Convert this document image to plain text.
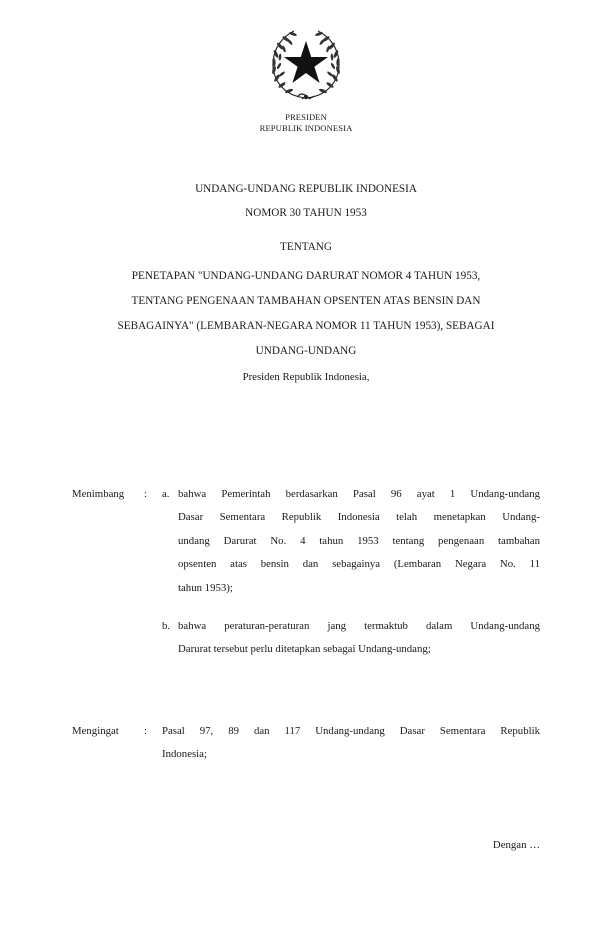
PRESIDEN
REPUBLIK INDONESIA
UNDANG-UNDANG REPUBLIK INDONESIA
NOMOR 30 TAHUN 1953
TENTANG
PENETAPAN "UNDANG-UNDANG DARURAT NOMOR 4 TAHUN 1953,
TENTANG PENGENAAN TAMBAHAN OPSENTEN ATAS BENSIN DAN
SEBAGAINYA" (LEMBARAN-NEGARA NOMOR 11 TAHUN 1953), SEBAGAI
UNDANG-UNDANG
Presiden Republik Indonesia,
Menimbang : a. bahwa Pemerintah berdasarkan Pasal 96 ayat 1 Undang-undang
Dasar Sementara Republik Indonesia telah menetapkan Undang-
undang Darurat No. 4 tahun 1953 tentang pengenaan tambahan
opsenten atas bensin dan sebagainya (Lembaran Negara No. 11
tahun 1953);
b. bahwa peraturan-peraturan jang termaktub dalam Undang-undang
Darurat tersebut perlu ditetapkan sebagai Undang-undang;
Mengingat : Pasal 97, 89 dan 117 Undang-undang Dasar Sementara Republik
Indonesia;
Dengan …
